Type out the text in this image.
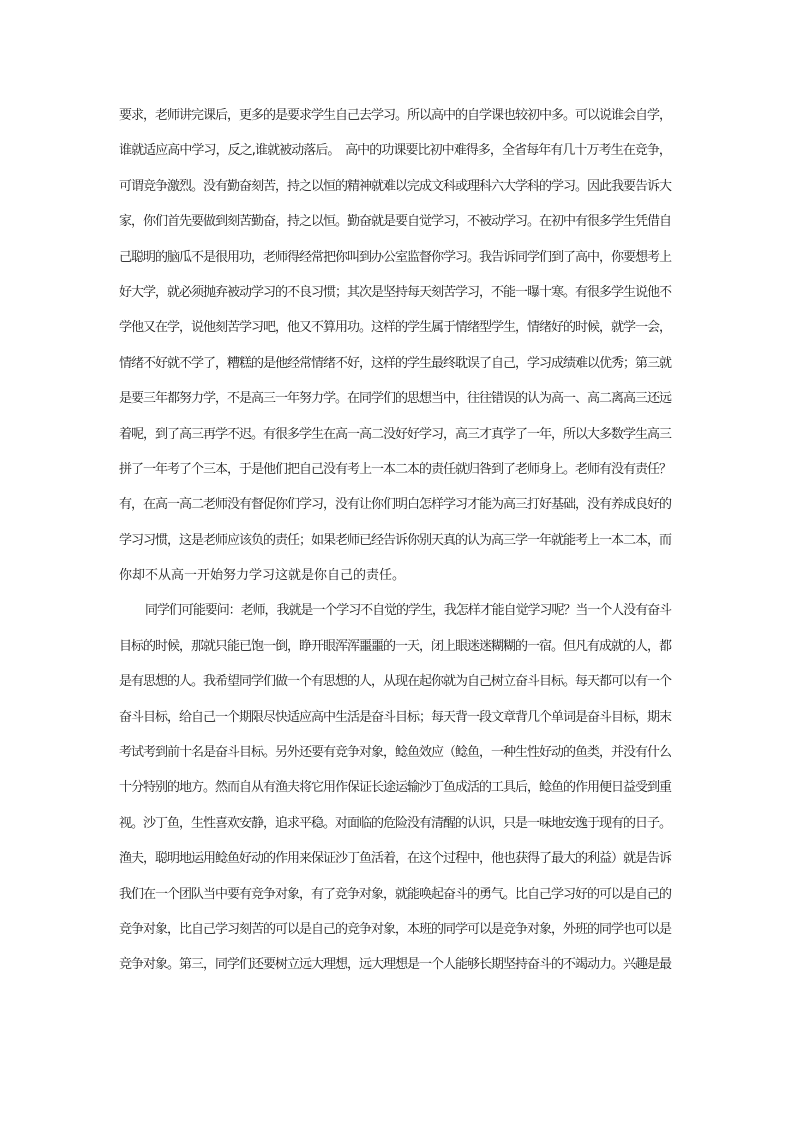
要求，老师讲完课后，更多的是要求学生自己去学习。所以高中的自学课也较初中多。可以说谁会自学，
谁就适应高中学习，反之,谁就被动落后。　高中的功课要比初中难得多，全省每年有几十万考生在竞争，
可谓竞争激烈。没有勤奋刻苦，持之以恒的精神就难以完成文科或理科六大学科的学习。因此我要告诉大
家，你们首先要做到刻苦勤奋，持之以恒。勤奋就是要自觉学习，不被动学习。在初中有很多学生凭借自
己聪明的脑瓜不是很用功，老师得经常把你叫到办公室监督你学习。我告诉同学们到了高中，你要想考上
好大学，就必须抛弃被动学习的不良习惯；其次是坚持每天刻苦学习，不能一曝十寒。有很多学生说他不
学他又在学，说他刻苦学习吧，他又不算用功。这样的学生属于情绪型学生，情绪好的时候，就学一会，
情绪不好就不学了，糟糕的是他经常情绪不好，这样的学生最终耽误了自己，学习成绩难以优秀；第三就
是要三年都努力学，不是高三一年努力学。在同学们的思想当中，往往错误的认为高一、高二离高三还远
着呢，到了高三再学不迟。有很多学生在高一高二没好好学习，高三才真学了一年，所以大多数学生高三
拼了一年考了个三本，于是他们把自己没有考上一本二本的责任就归咎到了老师身上。老师有没有责任？
有，在高一高二老师没有督促你们学习，没有让你们明白怎样学习才能为高三打好基础，没有养成良好的
学习习惯，这是老师应该负的责任；如果老师已经告诉你别天真的认为高三学一年就能考上一本二本，而
你却不从高一开始努力学习这就是你自己的责任。
同学们可能要问：老师，我就是一个学习不自觉的学生，我怎样才能自觉学习呢？当一个人没有奋斗
目标的时候，那就只能已饱一倒，睁开眼浑浑噩噩的一天，闭上眼迷迷糊糊的一宿。但凡有成就的人，都
是有思想的人。我希望同学们做一个有思想的人，从现在起你就为自己树立奋斗目标。每天都可以有一个
奋斗目标，给自己一个期限尽快适应高中生活是奋斗目标；每天背一段文章背几个单词是奋斗目标，期末
考试考到前十名是奋斗目标。另外还要有竞争对象，鲶鱼效应（鲶鱼，一种生性好动的鱼类，并没有什么
十分特别的地方。然而自从有渔夫将它用作保证长途运输沙丁鱼成活的工具后，鲶鱼的作用便日益受到重
视。沙丁鱼，生性喜欢安静，追求平稳。对面临的危险没有清醒的认识，只是一味地安逸于现有的日子。
渔夫，聪明地运用鲶鱼好动的作用来保证沙丁鱼活着，在这个过程中，他也获得了最大的利益）就是告诉
我们在一个团队当中要有竞争对象，有了竞争对象，就能唤起奋斗的勇气。比自己学习好的可以是自己的
竞争对象，比自己学习刻苦的可以是自己的竞争对象，本班的同学可以是竞争对象，外班的同学也可以是
竞争对象。第三，同学们还要树立远大理想，远大理想是一个人能够长期坚持奋斗的不竭动力。兴趣是最
